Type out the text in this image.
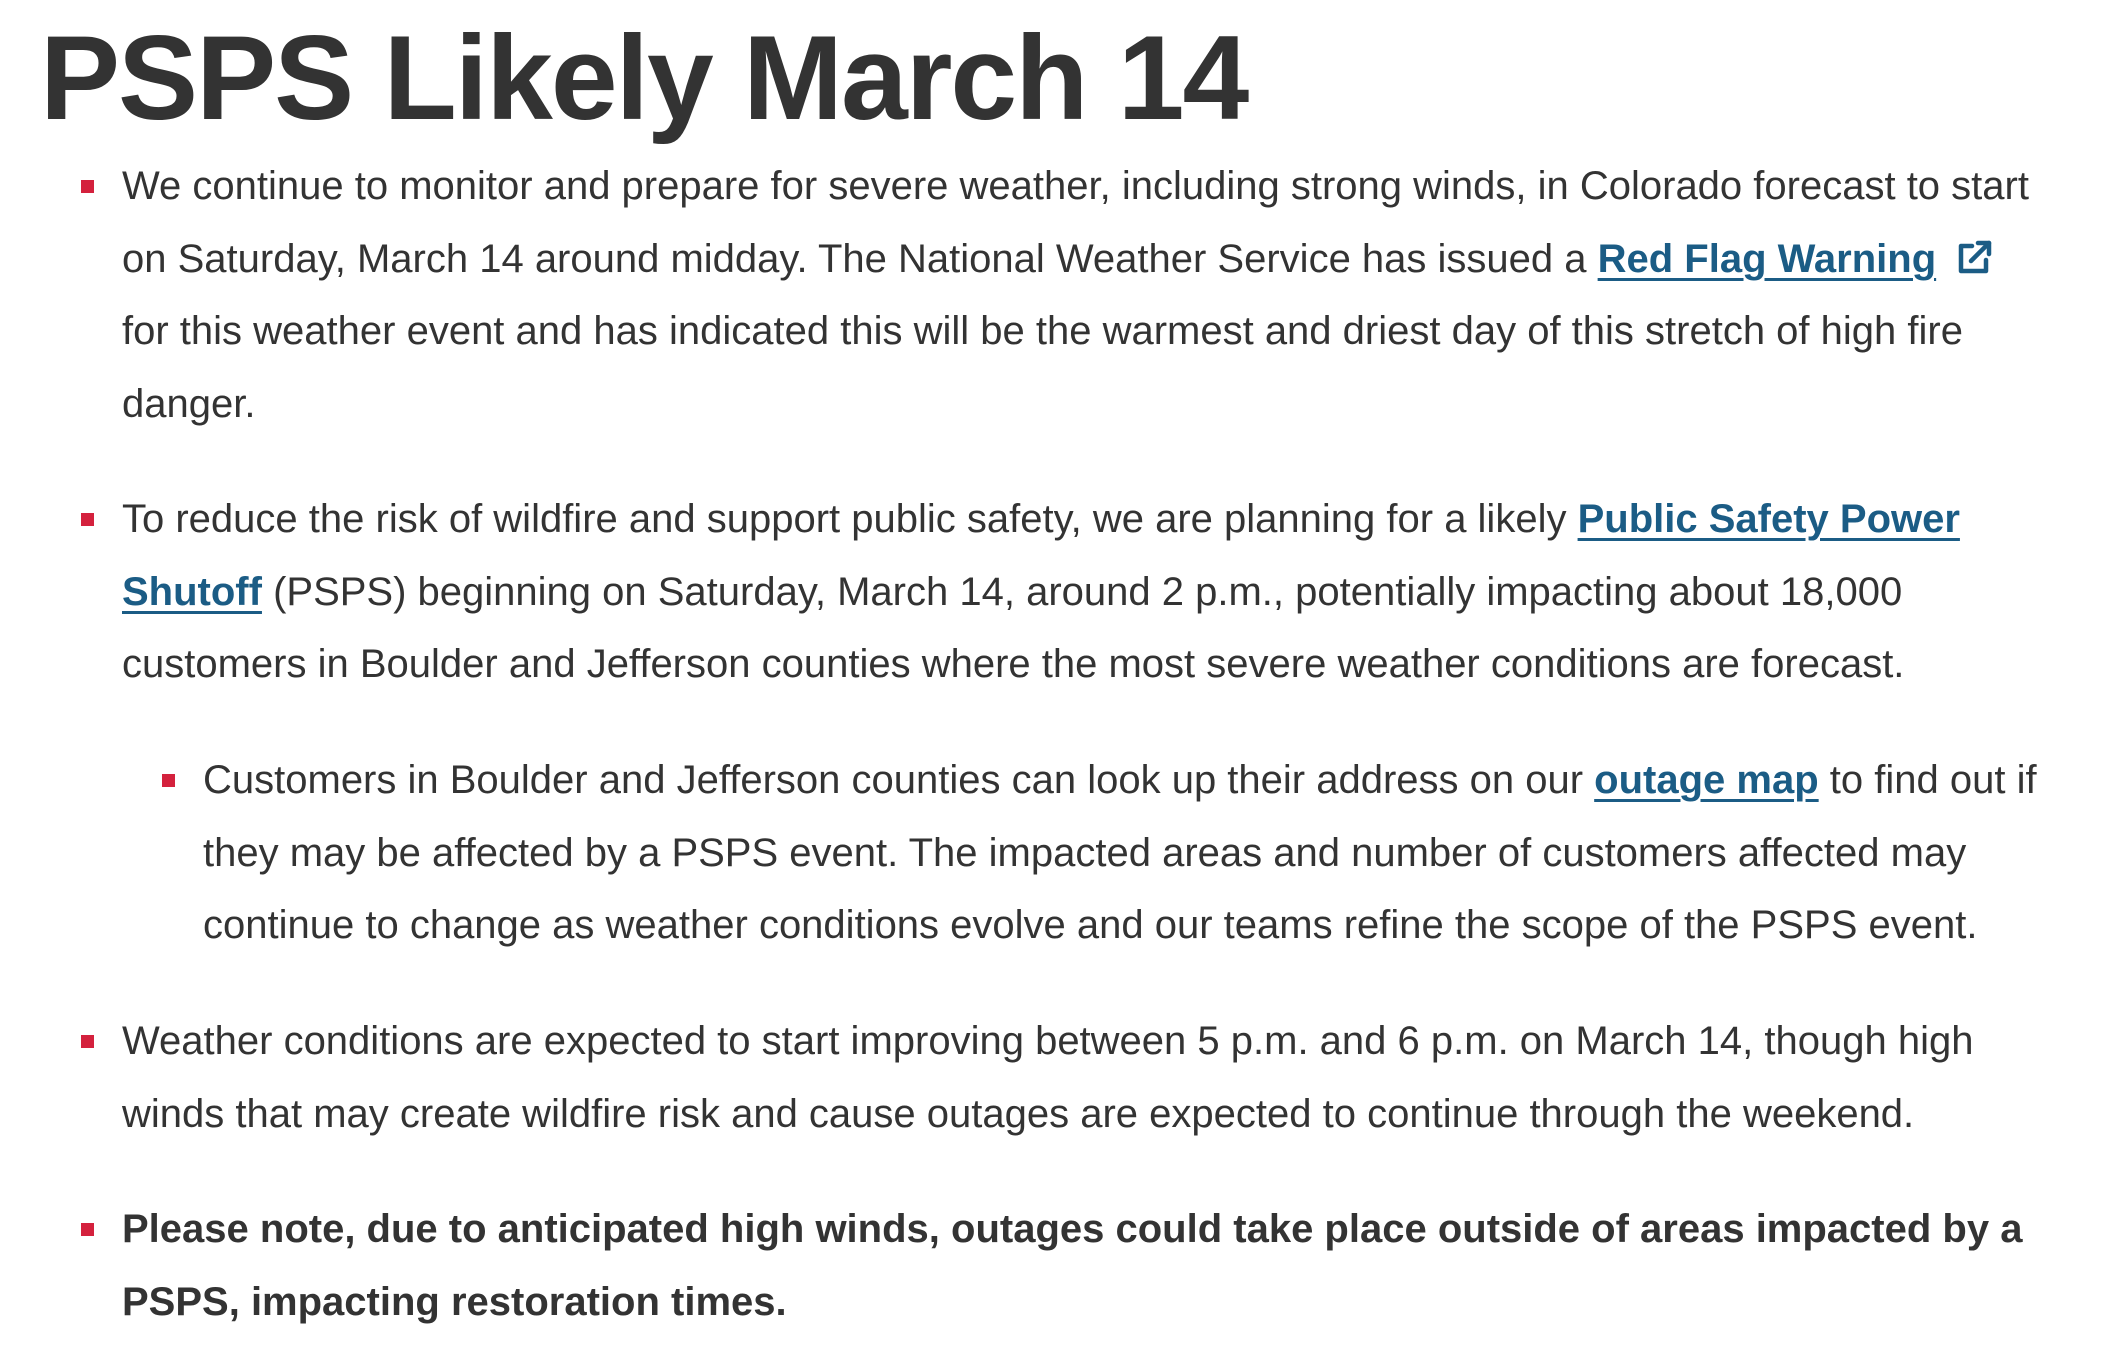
PSPS Likely March 14
We continue to monitor and prepare for severe weather, including strong winds, in Colorado forecast to start on Saturday, March 14 around midday. The National Weather Service has issued a Red Flag Warning
for this weather event and has indicated this will be the warmest and driest day of this stretch of high fire danger.
To reduce the risk of wildfire and support public safety, we are planning for a likely Public Safety Power Shutoff (PSPS) beginning on Saturday, March 14, around 2 p.m., potentially impacting about 18,000 customers in Boulder and Jefferson counties where the most severe weather conditions are forecast.
Customers in Boulder and Jefferson counties can look up their address on our outage map to find out if they may be affected by a PSPS event. The impacted areas and number of customers affected may continue to change as weather conditions evolve and our teams refine the scope of the PSPS event.
Weather conditions are expected to start improving between 5 p.m. and 6 p.m. on March 14, though high winds that may create wildfire risk and cause outages are expected to continue through the weekend.
Please note, due to anticipated high winds, outages could take place outside of areas impacted by a PSPS, impacting restoration times.
